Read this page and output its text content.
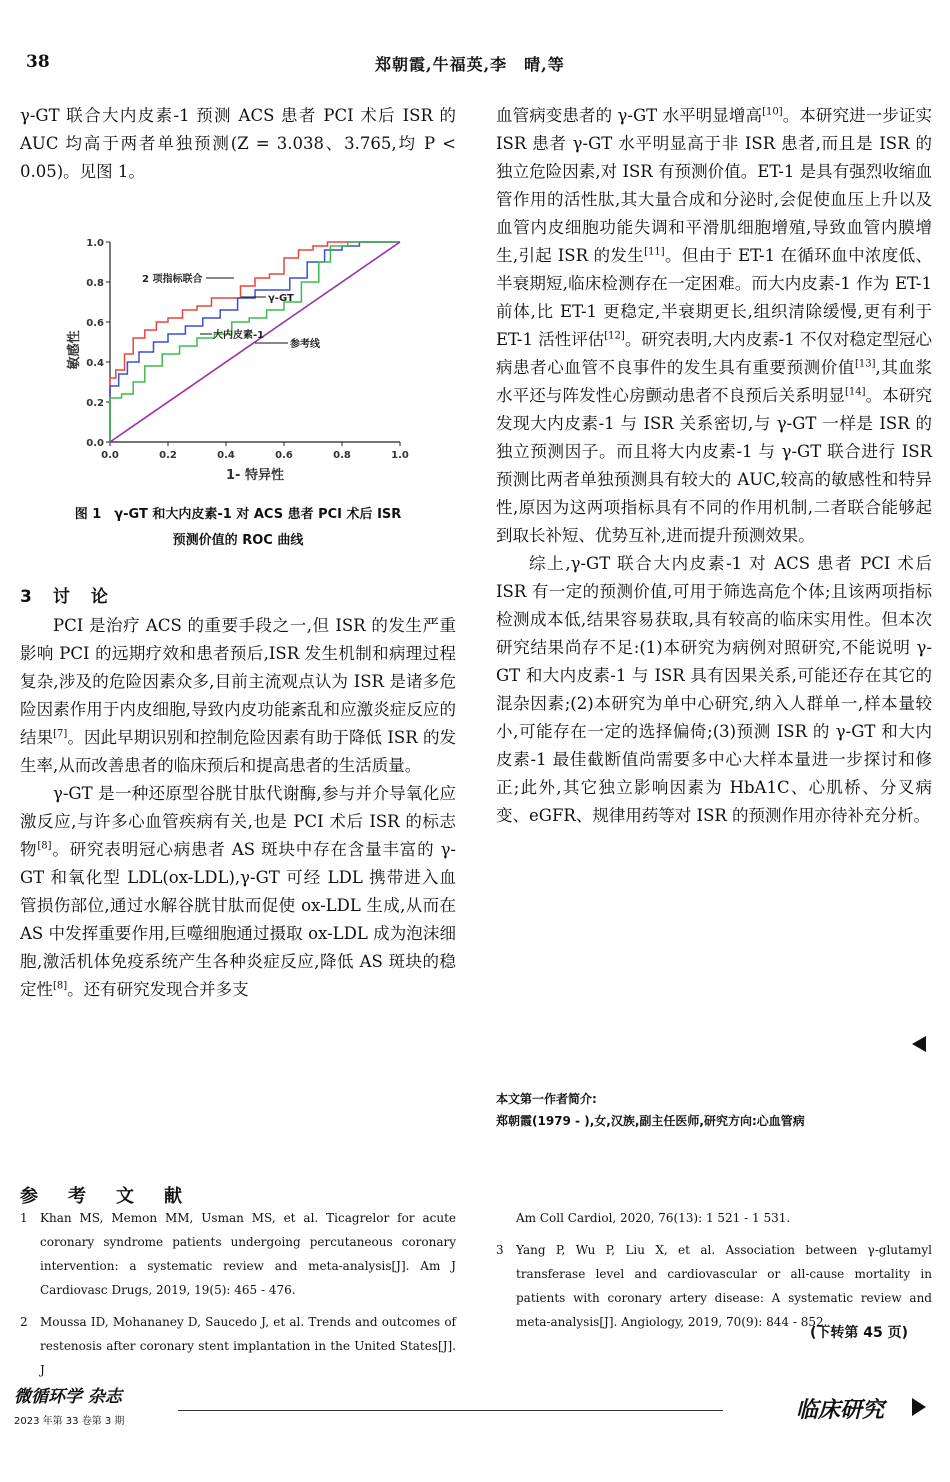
38	郑朝霞,牛福英,李　晴,等

γ-GT 联合大内皮素-1 预测 ACS 患者 PCI 术后 ISR 的 AUC 均高于两者单独预测(Z = 3.038、3.765,均 P < 0.05)。见图 1。

0.0	0.2	0.4	0.6	0.8	1.0
0.0
0.2
0.4
0.6
0.8
1.0
敏感性
1- 特异性
2 项指标联合
γ-GT
大内皮素-1
参考线
图 1　γ-GT 和大内皮素-1 对 ACS 患者 PCI 术后 ISR
预测价值的 ROC 曲线
3　讨　论

PCI 是治疗 ACS 的重要手段之一,但 ISR 的发生严重影响 PCI 的远期疗效和患者预后,ISR 发生机制和病理过程复杂,涉及的危险因素众多,目前主流观点认为 ISR 是诸多危险因素作用于内皮细胞,导致内皮功能紊乱和应激炎症反应的结果[7]。因此早期识别和控制危险因素有助于降低 ISR 的发生率,从而改善患者的临床预后和提高患者的生活质量。

γ-GT 是一种还原型谷胱甘肽代谢酶,参与并介导氧化应激反应,与许多心血管疾病有关,也是 PCI 术后 ISR 的标志物[8]。研究表明冠心病患者 AS 斑块中存在含量丰富的 γ-GT 和氧化型 LDL(ox-LDL),γ-GT 可经 LDL 携带进入血管损伤部位,通过水解谷胱甘肽而促使 ox-LDL 生成,从而在 AS 中发挥重要作用,巨噬细胞通过摄取 ox-LDL 成为泡沫细胞,激活机体免疫系统产生各种炎症反应,降低 AS 斑块的稳定性[8]。还有研究发现合并多支

血管病变患者的 γ-GT 水平明显增高[10]。本研究进一步证实 ISR 患者 γ-GT 水平明显高于非 ISR 患者,而且是 ISR 的独立危险因素,对 ISR 有预测价值。ET-1 是具有强烈收缩血管作用的活性肽,其大量合成和分泌时,会促使血压上升以及血管内皮细胞功能失调和平滑肌细胞增殖,导致血管内膜增生,引起 ISR 的发生[11]。但由于 ET-1 在循环血中浓度低、半衰期短,临床检测存在一定困难。而大内皮素-1 作为 ET-1 前体,比 ET-1 更稳定,半衰期更长,组织清除缓慢,更有利于 ET-1 活性评估[12]。研究表明,大内皮素-1 不仅对稳定型冠心病患者心血管不良事件的发生具有重要预测价值[13],其血浆水平还与阵发性心房颤动患者不良预后关系明显[14]。本研究发现大内皮素-1 与 ISR 关系密切,与 γ-GT 一样是 ISR 的独立预测因子。而且将大内皮素-1 与 γ-GT 联合进行 ISR 预测比两者单独预测具有较大的 AUC,较高的敏感性和特异性,原因为这两项指标具有不同的作用机制,二者联合能够起到取长补短、优势互补,进而提升预测效果。

综上,γ-GT 联合大内皮素-1 对 ACS 患者 PCI 术后 ISR 有一定的预测价值,可用于筛选高危个体;且该两项指标检测成本低,结果容易获取,具有较高的临床实用性。但本次研究结果尚存不足:(1)本研究为病例对照研究,不能说明 γ-GT 和大内皮素-1 与 ISR 具有因果关系,可能还存在其它的混杂因素;(2)本研究为单中心研究,纳入人群单一,样本量较小,可能存在一定的选择偏倚;(3)预测 ISR 的 γ-GT 和大内皮素-1 最佳截断值尚需要多中心大样本量进一步探讨和修正;此外,其它独立影响因素为 HbA1C、心肌桥、分叉病变、eGFR、规律用药等对 ISR 的预测作用亦待补充分析。

本文第一作者简介:
郑朝霞(1979 - ),女,汉族,副主任医师,研究方向:心血管病
参　考　文　献
1	Khan MS, Memon MM, Usman MS, et al. Ticagrelor for acute coronary syndrome patients undergoing percutaneous coronary intervention: a systematic review and meta-analysis[J]. Am J Cardiovasc Drugs, 2019, 19(5): 465 - 476.
2	Moussa ID, Mohananey D, Saucedo J, et al. Trends and outcomes of restenosis after coronary stent implantation in the United States[J]. J
Am Coll Cardiol, 2020, 76(13): 1 521 - 1 531.
3	Yang P, Wu P, Liu X, et al. Association between γ-glutamyl transferase level and cardiovascular or all-cause mortality in patients with coronary artery disease: A systematic review and meta-analysis[J]. Angiology, 2019, 70(9): 844 - 852.
(下转第 45 页)
微循环学 杂志
2023 年第 33 卷第 3 期	临床研究
